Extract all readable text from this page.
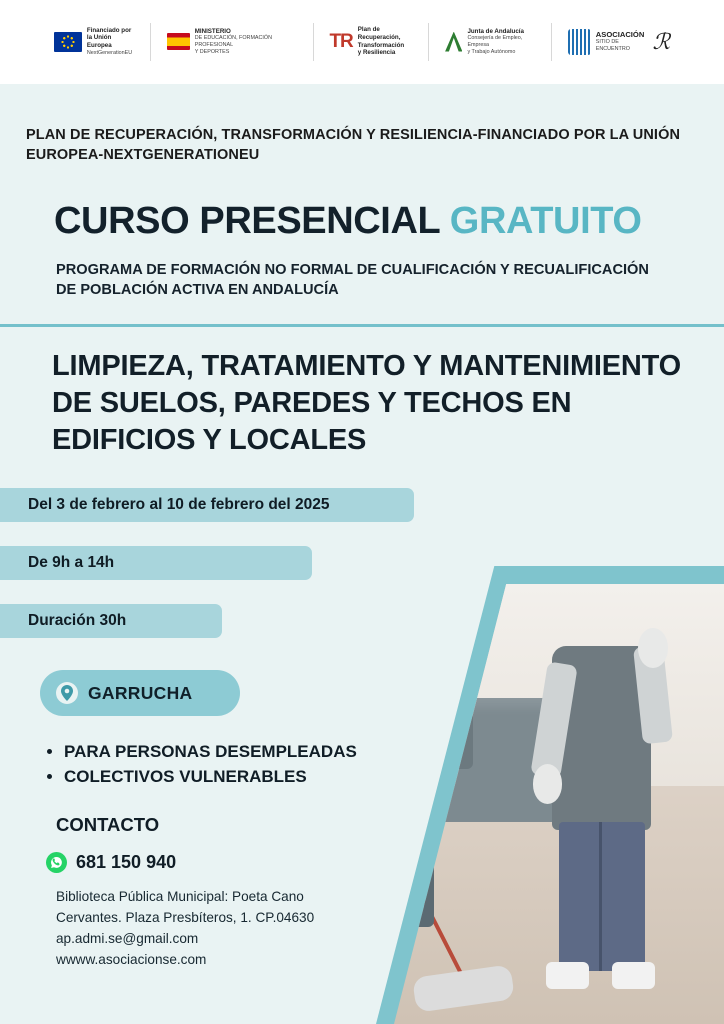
Financiado por
la Unión Europea
NextGenerationEU
MINISTERIO
DE EDUCACIÓN, FORMACIÓN PROFESIONAL
Y DEPORTES
TR
Plan de Recuperación,
Transformación
y Resiliencia
Junta de Andalucía
Consejería de Empleo, Empresa
y Trabajo Autónomo
ASOCIACIÓN
SITIO DE ENCUENTRO	ℛ
PLAN DE RECUPERACIÓN, TRANSFORMACIÓN Y RESILIENCIA-FINANCIADO POR LA UNIÓN EUROPEA-NEXTGENERATIONEU
CURSO PRESENCIAL GRATUITO
PROGRAMA DE FORMACIÓN NO FORMAL DE CUALIFICACIÓN Y RECUALIFICACIÓN DE POBLACIÓN ACTIVA EN ANDALUCÍA
LIMPIEZA, TRATAMIENTO Y MANTENIMIENTO DE SUELOS, PAREDES Y TECHOS EN EDIFICIOS Y LOCALES
Del 3 de febrero al 10 de febrero del 2025
De 9h a 14h
Duración 30h
GARRUCHA
• PARA PERSONAS DESEMPLEADAS
• COLECTIVOS VULNERABLES
CONTACTO
681 150 940
Biblioteca Pública Municipal: Poeta Cano
Cervantes. Plaza Presbíteros, 1. CP.04630
ap.admi.se@gmail.com
wwww.asociacionse.com
